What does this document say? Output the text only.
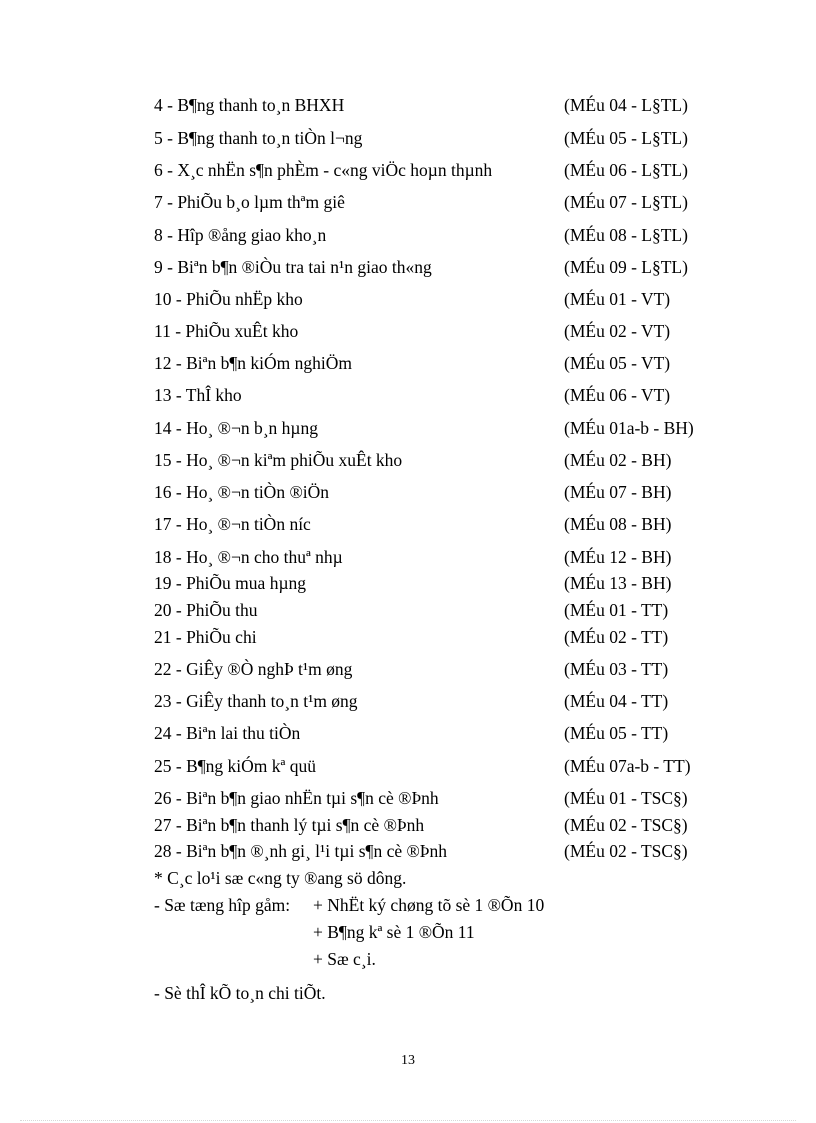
4 - B¶ng thanh to¸n BHXH	(MÉu 04 - L§TL)
5 - B¶ng thanh to¸n tiÒn l¬ng	(MÉu 05 - L§TL)
6 - X¸c nhËn s¶n phÈm - c«ng viÖc hoµn thµnh	(MÉu 06 - L§TL)
7 - PhiÕu b¸o lµm thªm giê	(MÉu 07 - L§TL)
8 - Hîp ®ång giao kho¸n	(MÉu 08 - L§TL)
9 - Biªn b¶n ®iÒu tra tai n¹n giao th«ng	(MÉu 09 - L§TL)
10 - PhiÕu nhËp kho	(MÉu 01 - VT)
11 - PhiÕu xuÊt kho	(MÉu 02 - VT)
12 - Biªn b¶n kiÓm nghiÖm	(MÉu 05 - VT)
13 - ThÎ kho	(MÉu 06 - VT)
14 - Ho¸ ®¬n b¸n hµng	(MÉu 01a-b - BH)
15 - Ho¸ ®¬n kiªm phiÕu xuÊt kho	(MÉu 02 - BH)
16 - Ho¸ ®¬n tiÒn ®iÖn	(MÉu 07 - BH)
17 - Ho¸ ®¬n tiÒn níc	(MÉu 08 - BH)
18 - Ho¸ ®¬n cho thuª nhµ	(MÉu 12 - BH)
19 - PhiÕu mua hµng	(MÉu 13 - BH)
20 - PhiÕu thu	(MÉu 01 - TT)
21 - PhiÕu chi	(MÉu 02 - TT)
22 - GiÊy ®Ò nghÞ t¹m øng	(MÉu 03 - TT)
23 - GiÊy thanh to¸n t¹m øng	(MÉu 04 - TT)
24 - Biªn lai thu tiÒn	(MÉu 05 - TT)
25 - B¶ng kiÓm kª quü	(MÉu 07a-b - TT)
26 - Biªn b¶n giao nhËn tµi s¶n cè ®Þnh	(MÉu 01 - TSC§)
27 - Biªn b¶n thanh lý tµi s¶n cè ®Þnh	(MÉu 02 - TSC§)
28 - Biªn b¶n ®¸nh gi¸ l¹i tµi s¶n cè ®Þnh	(MÉu 02 - TSC§)
* C¸c lo¹i sæ c«ng ty ®ang sö dông.
- Sæ tæng hîp gåm: + NhËt ký chøng tõ sè 1 ®Õn 10
+ B¶ng kª sè 1 ®Õn 11
+ Sæ c¸i.
- Sè thÎ kÕ to¸n chi tiÕt.
13
